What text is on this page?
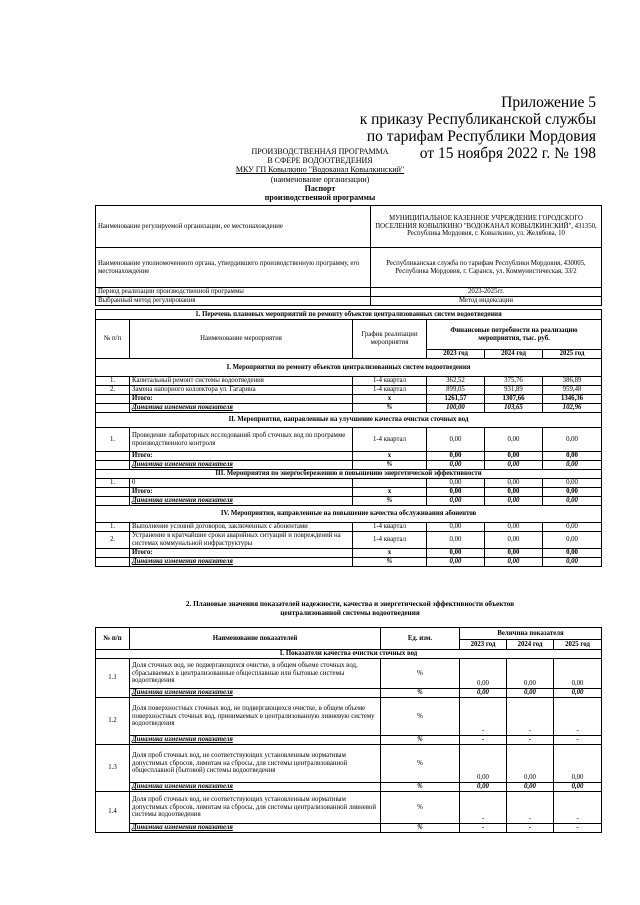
Приложение 5
к приказу Республиканской службы
по тарифам Республики Мордовия
от 15 ноября 2022 г. № 198
ПРОИЗВОДСТВЕННАЯ ПРОГРАММА
В СФЕРЕ ВОДООТВЕДЕНИЯ
МКУ ГП Ковылкино "Водоканал Ковылкинский"
(наименование организации)
Паспорт
производственной программы
Наименование регулируемой организации, ее местонахождение	МУНИЦИПАЛЬНОЕ КАЗЕННОЕ УЧРЕЖДЕНИЕ ГОРОДСКОГО ПОСЕЛЕНИЯ КОВЫЛКИНО "ВОДОКАНАЛ КОВЫЛКИНСКИЙ", 431350, Республика Мордовия, г. Ковылкино, ул. Желябова, 10
Наименование уполномоченного органа, утвердившего производственную программу, его местонахождение	Республиканская служба по тарифам Республики Мордовия, 430005, Республика Мордовия, г. Саранск, ул. Коммунистическая, 33/2
Период реализации производственной программы	2023-2025гг.
Выбранный метод регулирования	Метод индексации
1. Перечень плановых мероприятий по ремонту объектов централизованных систем водоотведения					
№ п/п	Наименование мероприятия	График реализации мероприятия	Финансовые потребности на реализацию мероприятия, тыс. руб.		
			2023 год	2024 год	2025 год
I. Мероприятия по ремонту объектов централизованных систем водоотведения					
1.	Капитальный ремонт системы водоотведения	1-4 квартал	362,52	375,76	386,89
2.	Замена напорного коллектора ул. Гагарина	1-4 квартал	899,05	931,89	959,48
	Итого:	х	1261,57	1307,66	1346,36
	Динамика изменения показателя	%	100,00	103,65	102,96
II. Мероприятия, направленные на улучшение качества очистки сточных вод					
1.	Проведение лабораторных исследований проб сточных вод по программе производственного контроля	1-4 квартал	0,00	0,00	0,00
	Итого:	х	0,00	0,00	0,00
	Динамика изменения показателя	%	0,00	0,00	0,00
III. Мероприятия по энергосбережению и повышению энергетической эффективности					
1.	0		0,00	0,00	0,00
	Итого:	х	0,00	0,00	0,00
	Динамика изменения показателя	%	0,00	0,00	0,00
IV. Мероприятия, направленные на повышение качества обслуживания абонентов					
1.	Выполнение условий договоров, заключенных с абонентами	1-4 квартал	0,00	0,00	0,00
2.	Устранение в кратчайшие сроки аварийных ситуаций и повреждений на системах коммунальной инфраструктуры	1-4 квартал	0,00	0,00	0,00
	Итого:	х	0,00	0,00	0,00
	Динамика изменения показателя	%	0,00	0,00	0,00
2. Плановые значения показателей надежности, качества и энергетической эффективности объектов централизованной системы водоотведения
№ п/п	Наименование показателей	Ед. изм.	Величина показателя		
			2023 год	2024 год	2025 год
I. Показатели качества очистки сточных вод					
1.1	Доля сточных вод, не подвергающихся очистке, в общем объеме сточных вод, сбрасываемых в централизованные общесплавные или бытовые системы водоотведения	%	0,00	0,00	0,00
	Динамика изменения показателя	%	0,00	0,00	0,00
1.2	Доля поверхностных сточных вод, не подвергающихся очистке, в общем объеме поверхностных сточных вод, принимаемых в централизованную ливневую систему водоотведения	%	-	-	-
	Динамика изменения показателя	%	-	-	-
1.3	Доля проб сточных вод, не соответствующих установленным нормативам допустимых сбросов, лимитам на сбросы, для системы централизованной общесплавной (бытовой) системы водоотведения	%	0,00	0,00	0,00
	Динамика изменения показателя	%	0,00	0,00	0,00
1.4	Доля проб сточных вод, не соответствующих установленным нормативам допустимых сбросов, лимитам на сбросы, для системы централизованной ливневой системы водоотведения	%	-	-	-
	Динамика изменения показателя	%	-	-	-
